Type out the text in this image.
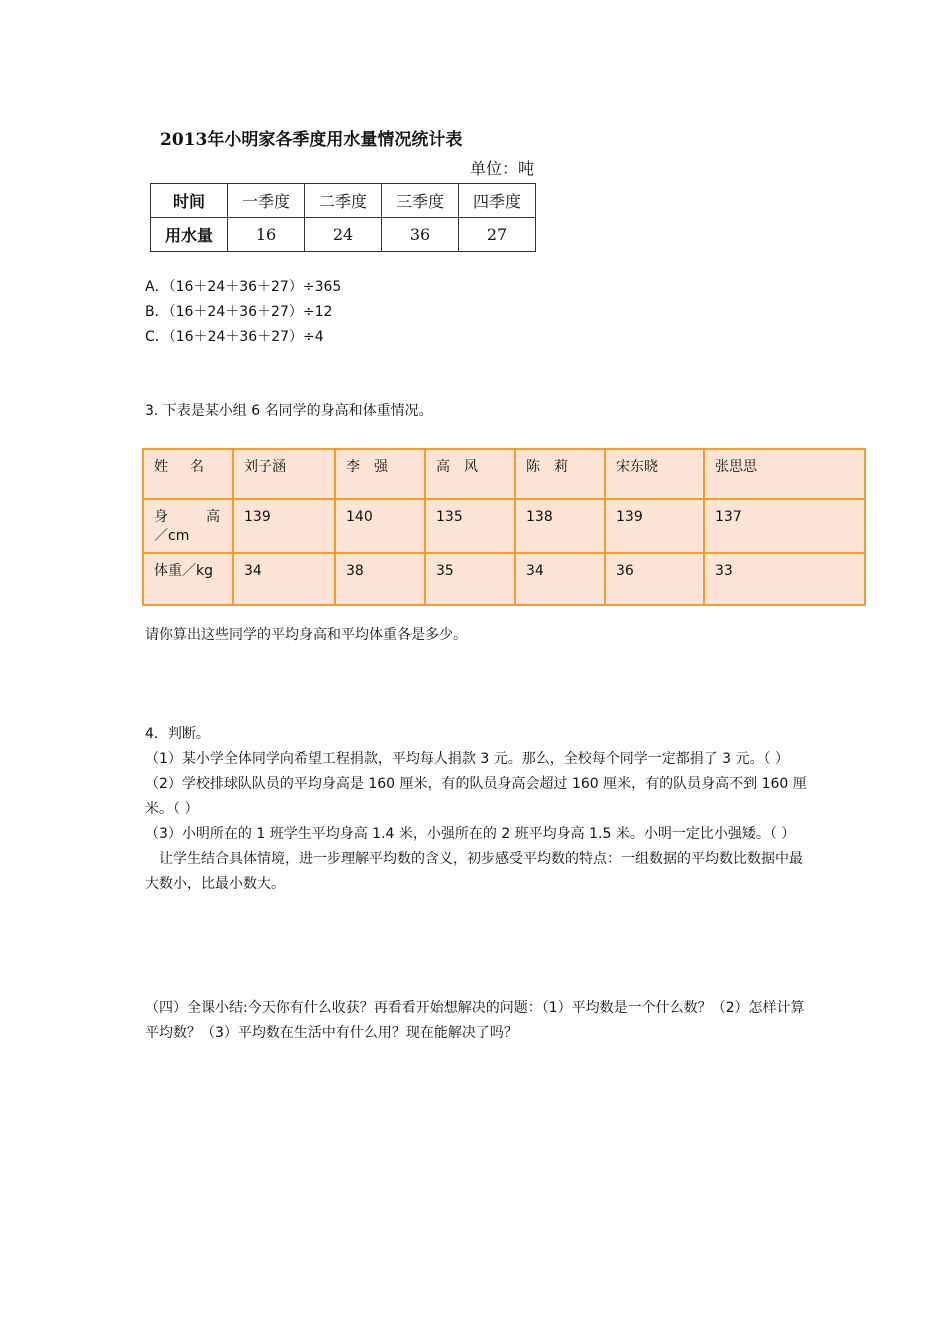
2013年小明家各季度用水量情况统计表
单位：吨
时间	一季度	二季度	三季度	四季度
用水量	16	24	36	27
A．（16＋24＋36＋27）÷365
B．（16＋24＋36＋27）÷12
C．（16＋24＋36＋27）÷4
3. 下表是某小组 6 名同学的身高和体重情况。
姓 名	刘子涵	李　强	高　风	陈　莉	宋东晓	张思思

身 高
／cm	139	140	135	138	139	137
体重／kg	34	38	35	34	36	33
请你算出这些同学的平均身高和平均体重各是多少。

4．判断。

（1）某小学全体同学向希望工程捐款，平均每人捐款 3 元。那么，全校每个同学一定都捐了 3 元。（ ）

（2）学校排球队队员的平均身高是 160 厘米，有的队员身高会超过 160 厘米，有的队员身高不到 160 厘米。（ ）

（3）小明所在的 1 班学生平均身高 1.4 米，小强所在的 2 班平均身高 1.5 米。小明一定比小强矮。（ ）

　让学生结合具体情境，进一步理解平均数的含义，初步感受平均数的特点：一组数据的平均数比数据中最大数小，比最小数大。

（四）全课小结:今天你有什么收获？再看看开始想解决的问题：（1）平均数是一个什么数？（2）怎样计算平均数？（3）平均数在生活中有什么用？现在能解决了吗？
